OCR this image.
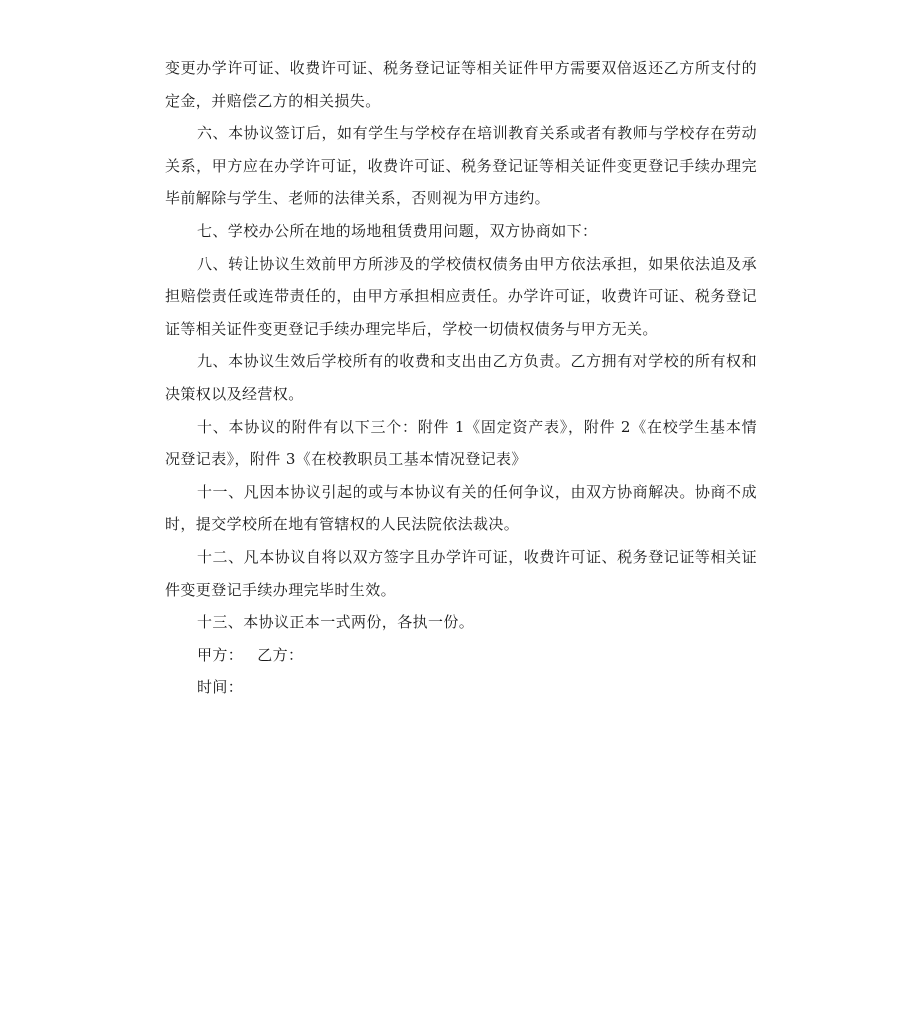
变更办学许可证、收费许可证、税务登记证等相关证件甲方需要双倍返还乙方所支付的定金，并赔偿乙方的相关损失。

六、本协议签订后，如有学生与学校存在培训教育关系或者有教师与学校存在劳动关系，甲方应在办学许可证，收费许可证、税务登记证等相关证件变更登记手续办理完毕前解除与学生、老师的法律关系，否则视为甲方违约。

七、学校办公所在地的场地租赁费用问题，双方协商如下：

八、转让协议生效前甲方所涉及的学校债权债务由甲方依法承担，如果依法追及承担赔偿责任或连带责任的，由甲方承担相应责任。办学许可证，收费许可证、税务登记证等相关证件变更登记手续办理完毕后，学校一切债权债务与甲方无关。

九、本协议生效后学校所有的收费和支出由乙方负责。乙方拥有对学校的所有权和决策权以及经营权。

十、本协议的附件有以下三个：附件 1《固定资产表》，附件 2《在校学生基本情况登记表》，附件 3《在校教职员工基本情况登记表》

十一、凡因本协议引起的或与本协议有关的任何争议，由双方协商解决。协商不成时，提交学校所在地有管辖权的人民法院依法裁决。

十二、凡本协议自将以双方签字且办学许可证，收费许可证、税务登记证等相关证件变更登记手续办理完毕时生效。

十三、本协议正本一式两份，各执一份。

甲方： 乙方：

时间：
